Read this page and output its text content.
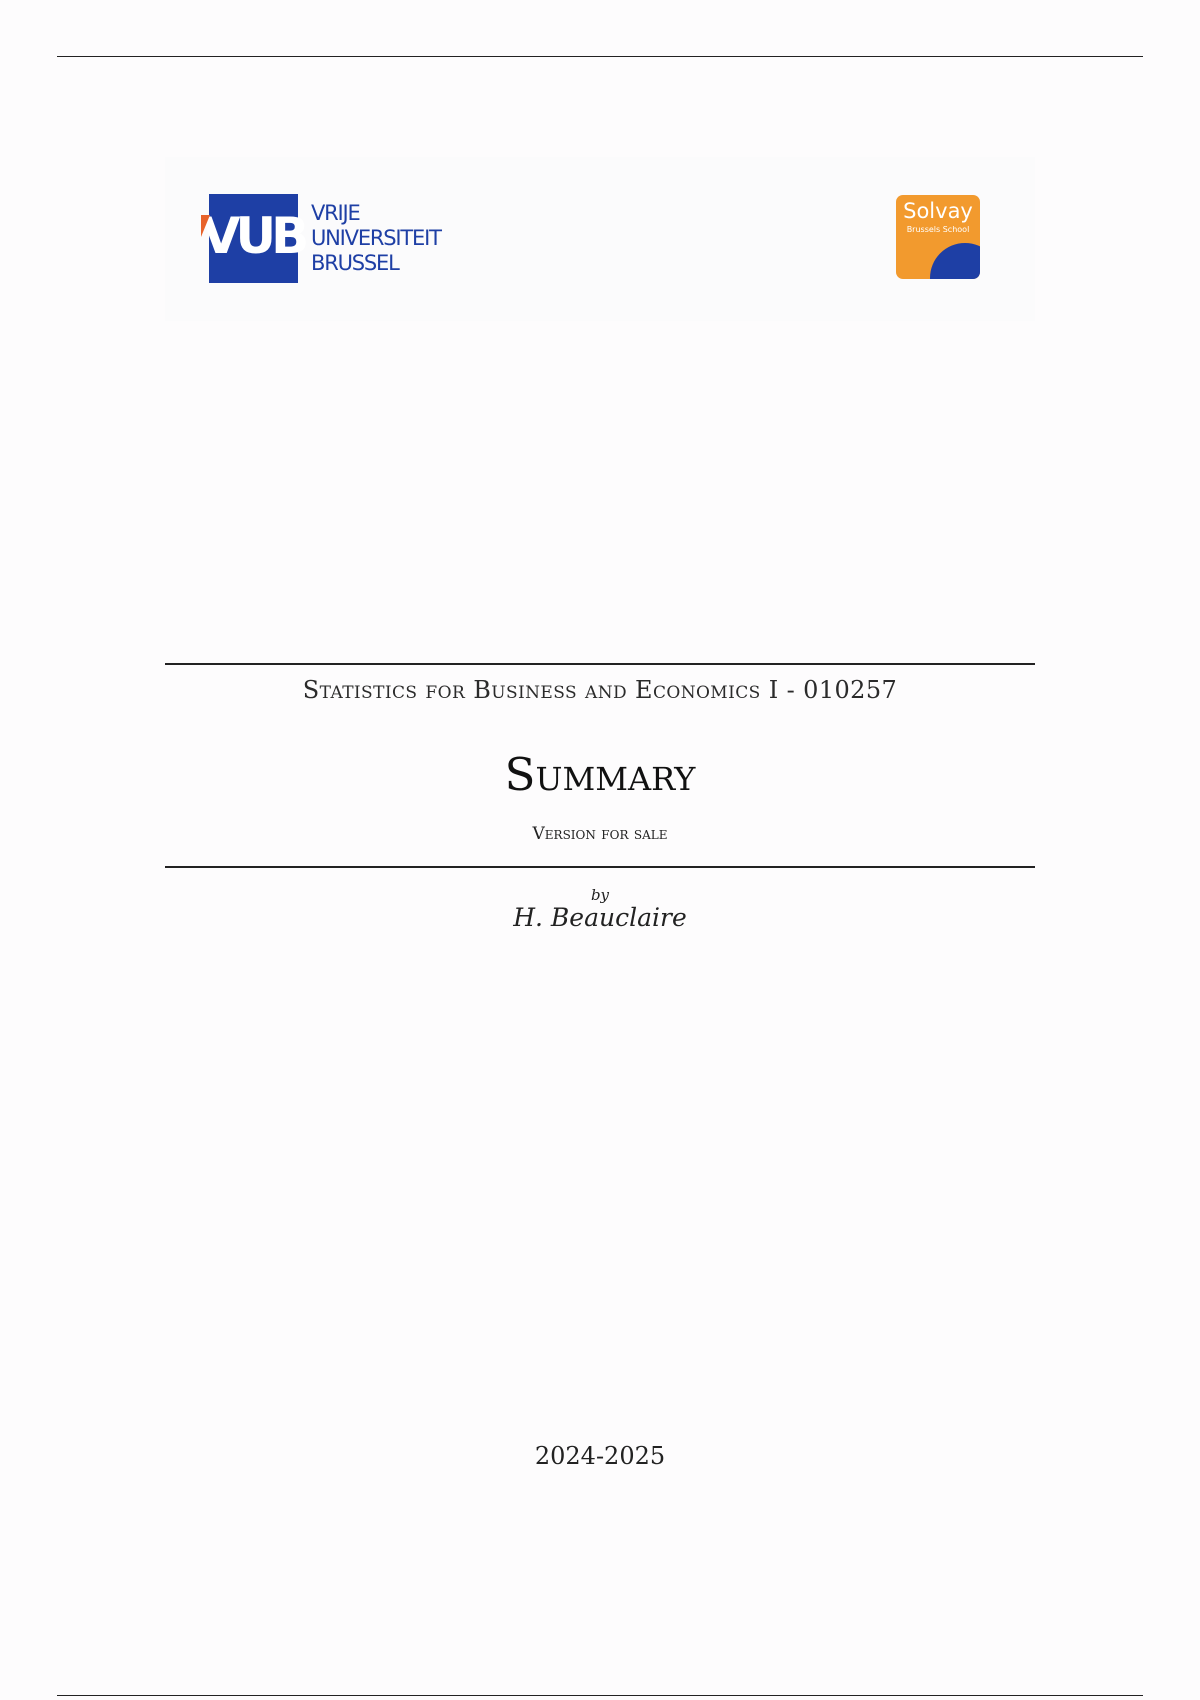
VUB VRIJE
UNIVERSITEIT
BRUSSEL
Solvay
Brussels School
Statistics for Business and Economics I - 010257
Summary
Version for sale
by
H. Beauclaire
2024-2025
